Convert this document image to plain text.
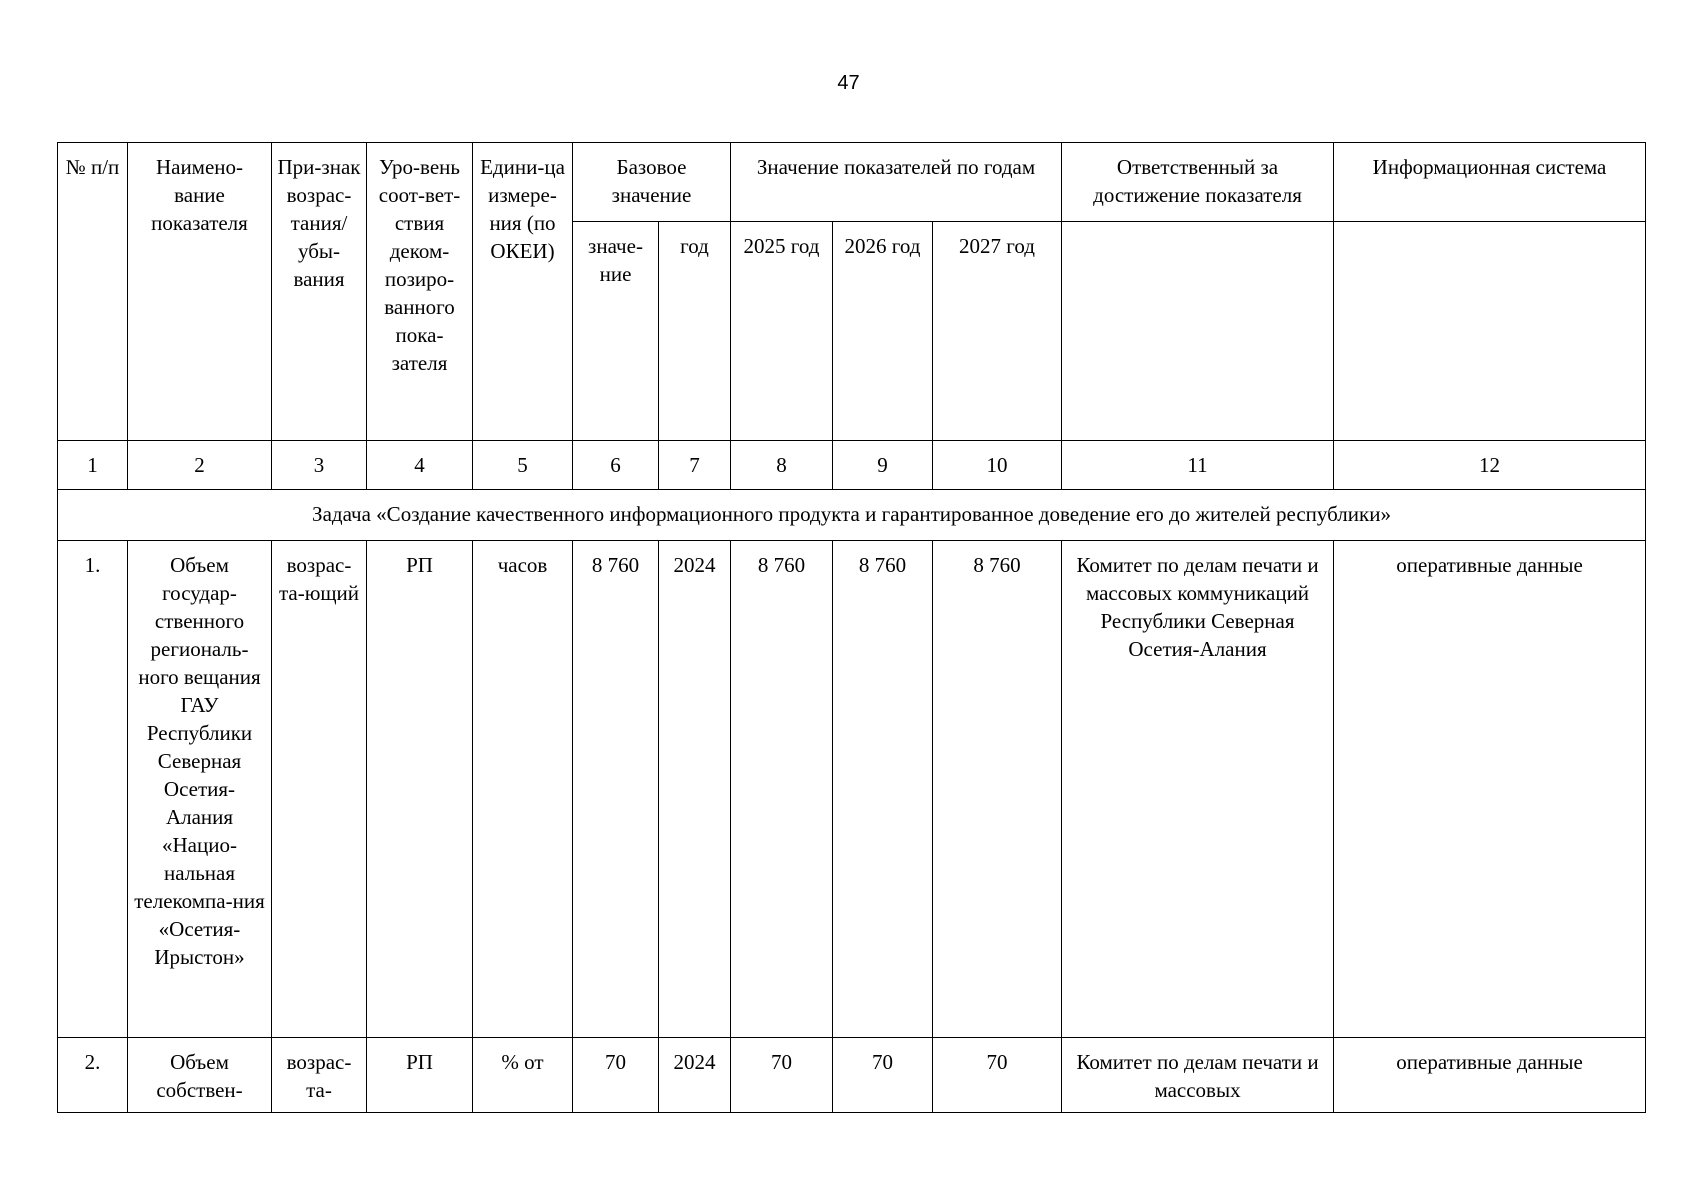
47
№ п/п	Наимено-вание показателя	При-знак возрас-тания/ убы-вания	Уро-вень соот-вет-ствия деком-позиро-ванного пока-зателя	Едини-ца измере-ния (по ОКЕИ)	Базовое значение		Значение показателей по годам			Ответственный за достижение показателя	Информационная система
					значе-ние	год	2025 год	2026 год	2027 год		
1	2	3	4	5	6	7	8	9	10	11	12
Задача «Создание качественного информационного продукта и гарантированное доведение его до жителей республики»											
1.	Объем государ-ственного региональ-ного вещания ГАУ Республики Северная Осетия-Алания «Нацио-нальная телекомпа-ния «Осетия-Ирыстон»	возрас-та-ющий	РП	часов	8 760	2024	8 760	8 760	8 760	Комитет по делам печати и массовых коммуникаций Республики Северная Осетия-Алания	оперативные данные
2.	Объем собствен-	возрас-та-	РП	% от	70	2024	70	70	70	Комитет по делам печати и массовых	оперативные данные
